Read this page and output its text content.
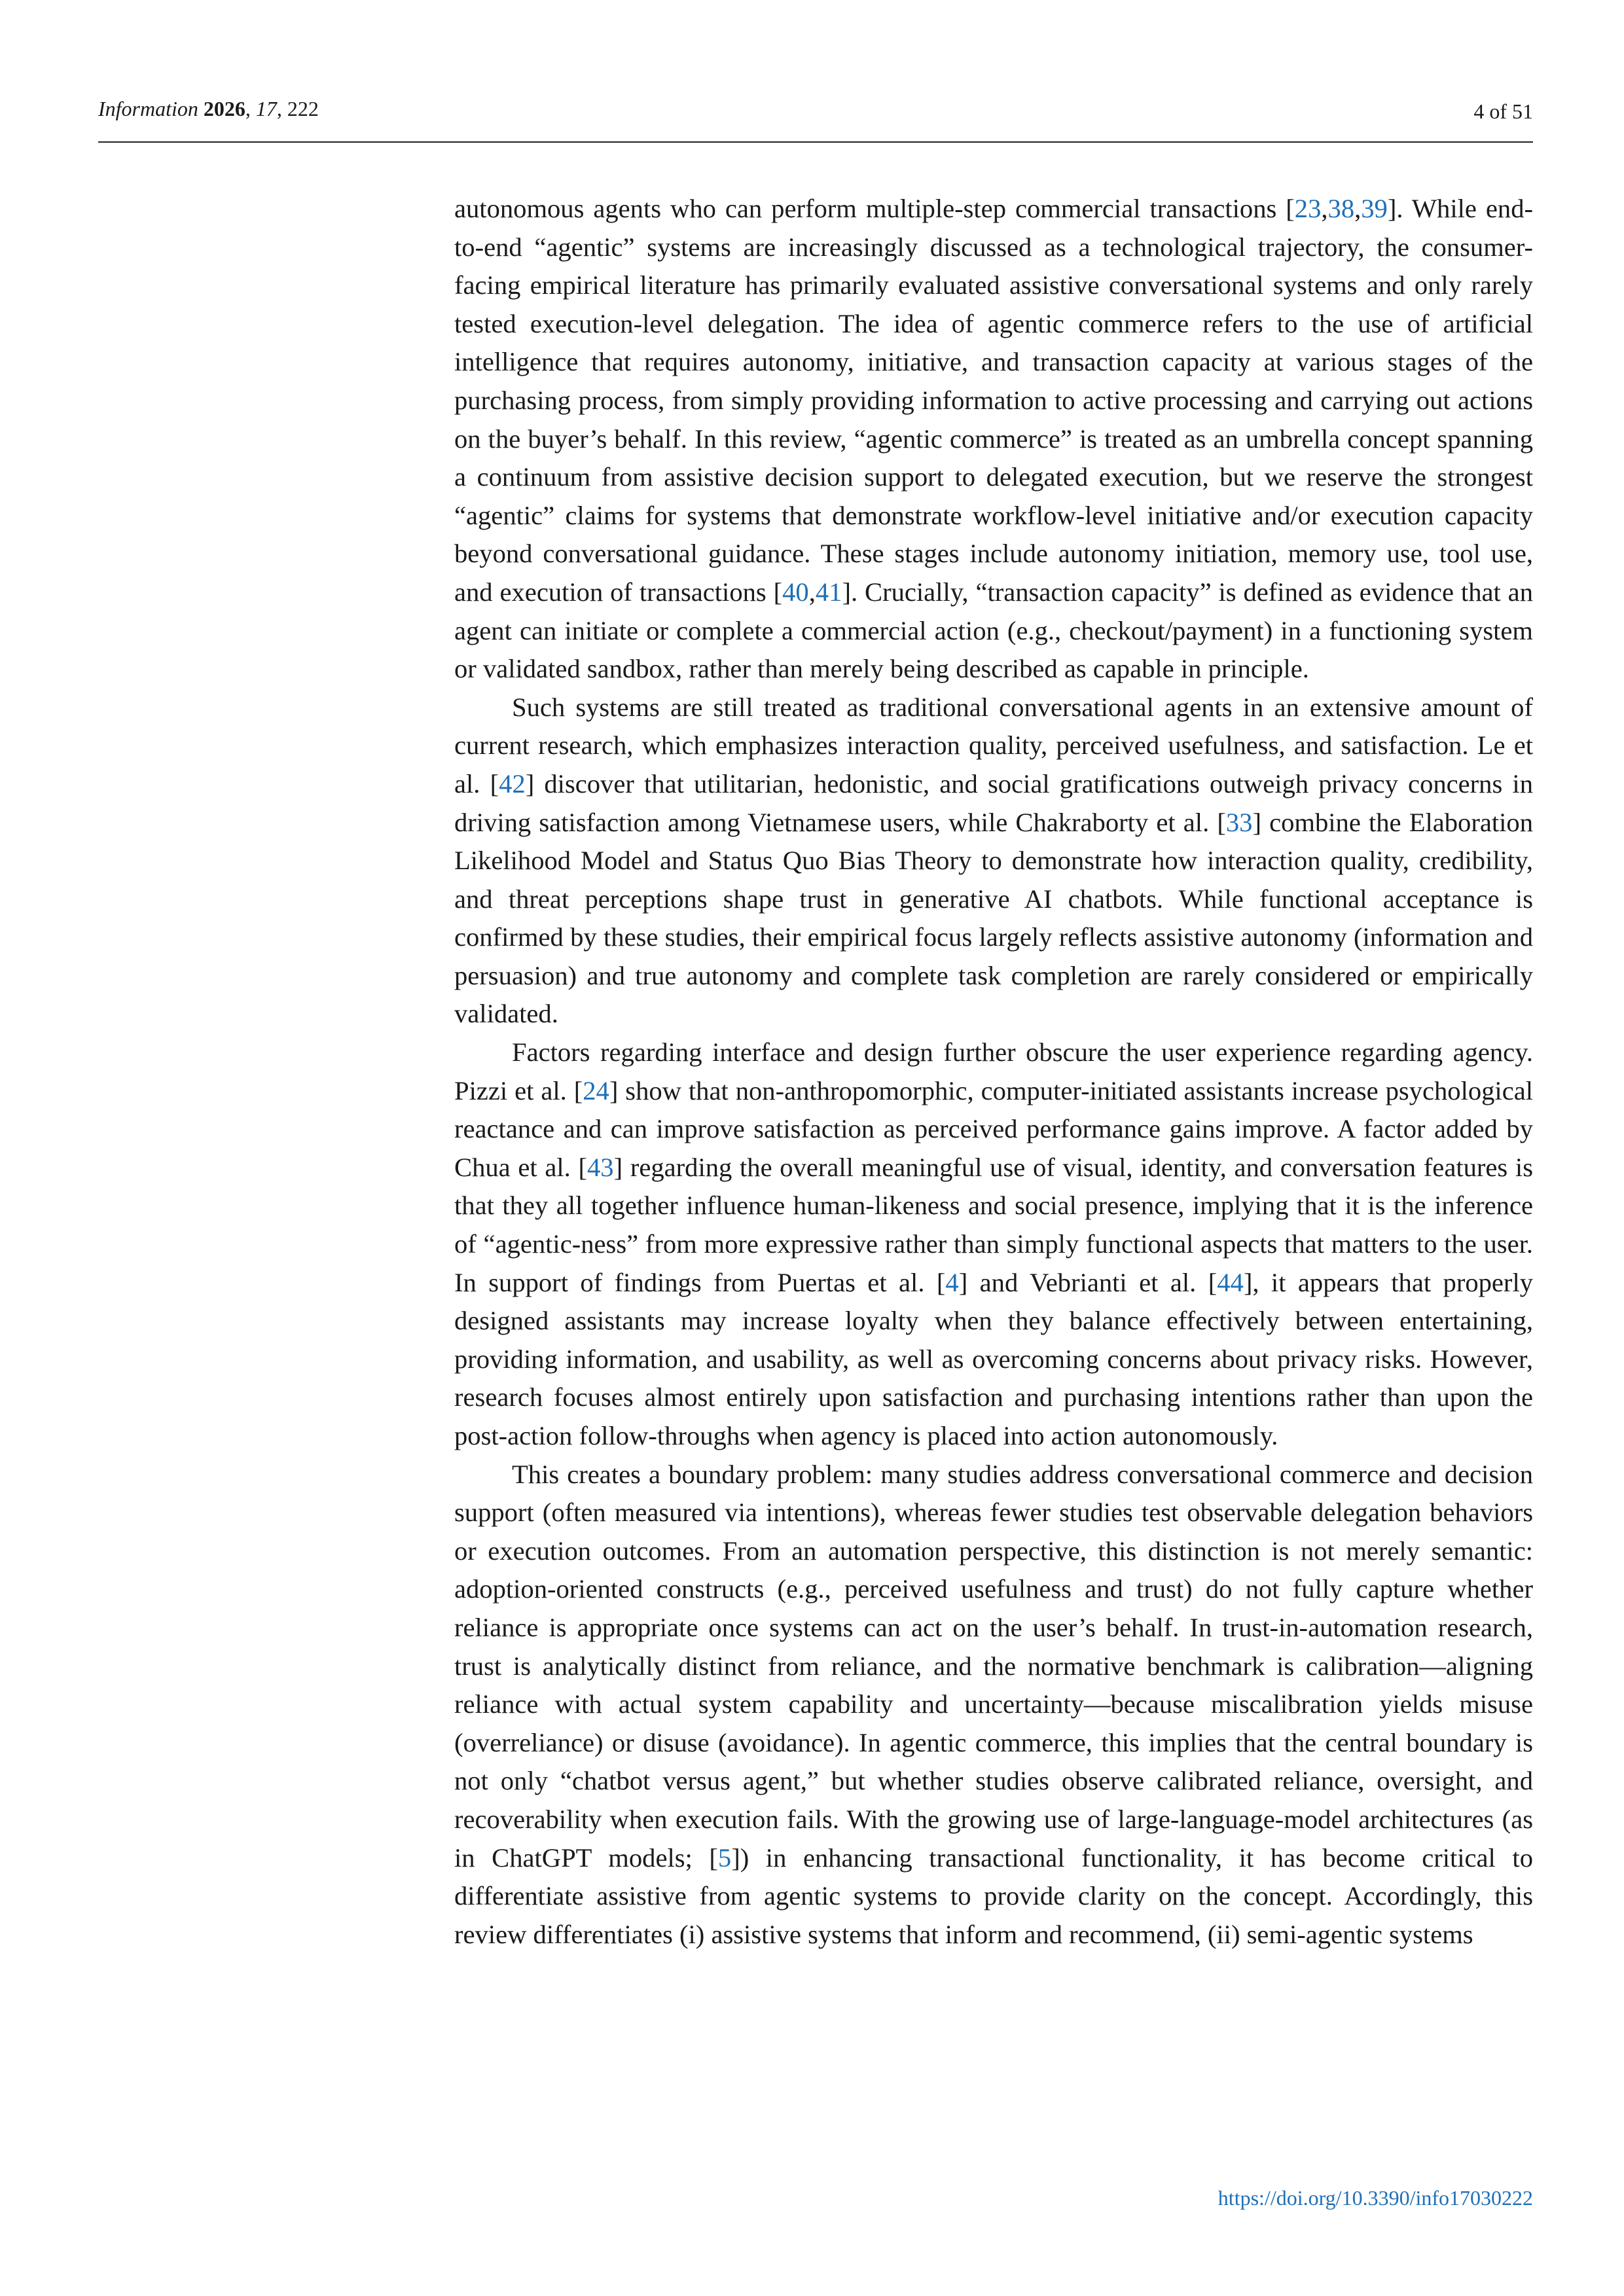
Information 2026, 17, 222	4 of 51

autonomous agents who can perform multiple-step commercial transactions [23,38,39]. While end-to-end “agentic” systems are increasingly discussed as a technological trajectory, the consumer-facing empirical literature has primarily evaluated assistive conversational systems and only rarely tested execution-level delegation. The idea of agentic commerce refers to the use of artificial intelligence that requires autonomy, initiative, and transaction capacity at various stages of the purchasing process, from simply providing information to active processing and carrying out actions on the buyer’s behalf. In this review, “agentic commerce” is treated as an umbrella concept spanning a continuum from assistive decision support to delegated execution, but we reserve the strongest “agentic” claims for systems that demonstrate workflow-level initiative and/or execution capacity beyond conversational guidance. These stages include autonomy initiation, memory use, tool use, and execution of transactions [40,41]. Crucially, “transaction capacity” is defined as evidence that an agent can initiate or complete a commercial action (e.g., checkout/payment) in a functioning system or validated sandbox, rather than merely being described as capable in principle.

Such systems are still treated as traditional conversational agents in an extensive amount of current research, which emphasizes interaction quality, perceived usefulness, and satisfaction. Le et al. [42] discover that utilitarian, hedonistic, and social gratifications outweigh privacy concerns in driving satisfaction among Vietnamese users, while Chakraborty et al. [33] combine the Elaboration Likelihood Model and Status Quo Bias Theory to demonstrate how interaction quality, credibility, and threat perceptions shape trust in generative AI chatbots. While functional acceptance is confirmed by these studies, their empirical focus largely reflects assistive autonomy (information and persuasion) and true autonomy and complete task completion are rarely considered or empirically validated.

Factors regarding interface and design further obscure the user experience regarding agency. Pizzi et al. [24] show that non-anthropomorphic, computer-initiated assistants increase psychological reactance and can improve satisfaction as perceived performance gains improve. A factor added by Chua et al. [43] regarding the overall meaningful use of visual, identity, and conversation features is that they all together influence human-likeness and social presence, implying that it is the inference of “agentic-ness” from more expressive rather than simply functional aspects that matters to the user. In support of findings from Puertas et al. [4] and Vebrianti et al. [44], it appears that properly designed assistants may increase loyalty when they balance effectively between entertaining, providing information, and usability, as well as overcoming concerns about privacy risks. However, research focuses almost entirely upon satisfaction and purchasing intentions rather than upon the post-action follow-throughs when agency is placed into action autonomously.

This creates a boundary problem: many studies address conversational commerce and decision support (often measured via intentions), whereas fewer studies test observable delegation behaviors or execution outcomes. From an automation perspective, this distinction is not merely semantic: adoption-oriented constructs (e.g., perceived usefulness and trust) do not fully capture whether reliance is appropriate once systems can act on the user’s behalf. In trust-in-automation research, trust is analytically distinct from reliance, and the normative benchmark is calibration—aligning reliance with actual system capability and uncertainty—because miscalibration yields misuse (overreliance) or disuse (avoidance). In agentic commerce, this implies that the central boundary is not only “chatbot versus agent,” but whether studies observe calibrated reliance, oversight, and recoverability when execution fails. With the growing use of large-language-model architectures (as in ChatGPT models; [5]) in enhancing transactional functionality, it has become critical to differentiate assistive from agentic systems to provide clarity on the concept. Accordingly, this review differentiates (i) assistive systems that inform and recommend, (ii) semi-agentic systems

https://doi.org/10.3390/info17030222
